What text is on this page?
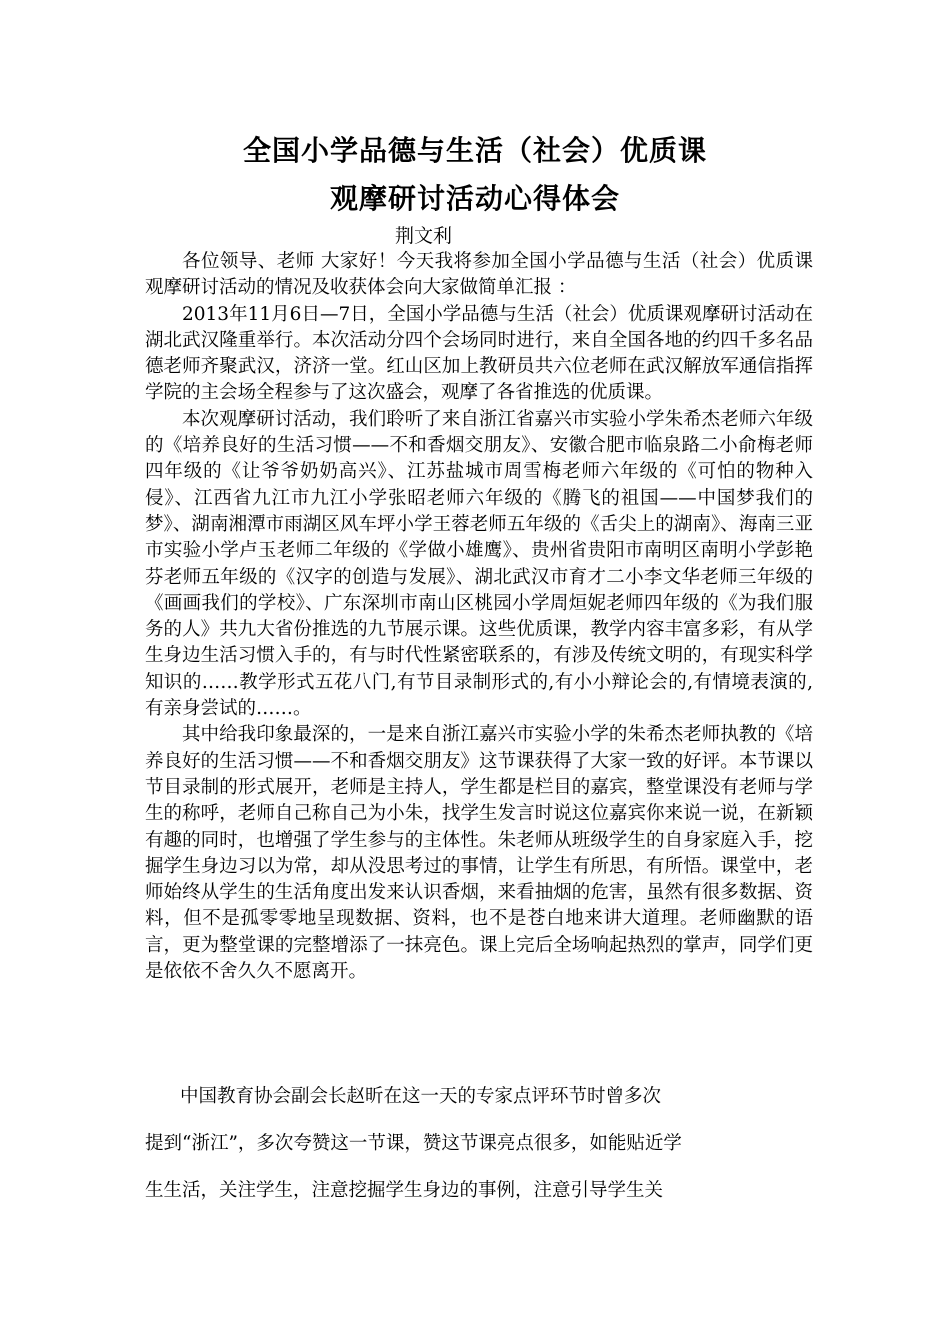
全国小学品德与生活（社会）优质课
观摩研讨活动心得体会
荆文利

各位领导、老师 大家好！今天我将参加全国小学品德与生活（社会）优质课观摩研讨活动的情况及收获体会向大家做简单汇报 ：

2013年11月6日—7日，全国小学品德与生活（社会）优质课观摩研讨活动在湖北武汉隆重举行。本次活动分四个会场同时进行，来自全国各地的约四千多名品德老师齐聚武汉，济济一堂。红山区加上教研员共六位老师在武汉解放军通信指挥学院的主会场全程参与了这次盛会，观摩了各省推选的优质课。

本次观摩研讨活动，我们聆听了来自浙江省嘉兴市实验小学朱希杰老师六年级的《培养良好的生活习惯——不和香烟交朋友》、安徽合肥市临泉路二小俞梅老师四年级的《让爷爷奶奶高兴》、江苏盐城市周雪梅老师六年级的《可怕的物种入侵》、江西省九江市九江小学张昭老师六年级的《腾飞的祖国——中国梦我们的梦》、湖南湘潭市雨湖区风车坪小学王蓉老师五年级的《舌尖上的湖南》、海南三亚市实验小学卢玉老师二年级的《学做小雄鹰》、贵州省贵阳市南明区南明小学彭艳芬老师五年级的《汉字的创造与发展》、湖北武汉市育才二小李文华老师三年级的《画画我们的学校》、广东深圳市南山区桃园小学周烜妮老师四年级的《为我们服务的人》共九大省份推选的九节展示课。这些优质课，教学内容丰富多彩，有从学生身边生活习惯入手的，有与时代性紧密联系的，有涉及传统文明的，有现实科学知识的……教学形式五花八门,有节目录制形式的,有小小辩论会的,有情境表演的,有亲身尝试的……。

其中给我印象最深的，一是来自浙江嘉兴市实验小学的朱希杰老师执教的《培养良好的生活习惯——不和香烟交朋友》这节课获得了大家一致的好评。本节课以节目录制的形式展开，老师是主持人，学生都是栏目的嘉宾，整堂课没有老师与学生的称呼，老师自己称自己为小朱，找学生发言时说这位嘉宾你来说一说，在新颖有趣的同时，也增强了学生参与的主体性。朱老师从班级学生的自身家庭入手，挖掘学生身边习以为常，却从没思考过的事情，让学生有所思，有所悟。课堂中，老师始终从学生的生活角度出发来认识香烟，来看抽烟的危害，虽然有很多数据、资料，但不是孤零零地呈现数据、资料，也不是苍白地来讲大道理。老师幽默的语言，更为整堂课的完整增添了一抹亮色。课上完后全场响起热烈的掌声，同学们更是依依不舍久久不愿离开。

中国教育协会副会长赵昕在这一天的专家点评环节时曾多次
提到“浙江”，多次夸赞这一节课，赞这节课亮点很多，如能贴近学
生生活，关注学生，注意挖掘学生身边的事例，注意引导学生关
